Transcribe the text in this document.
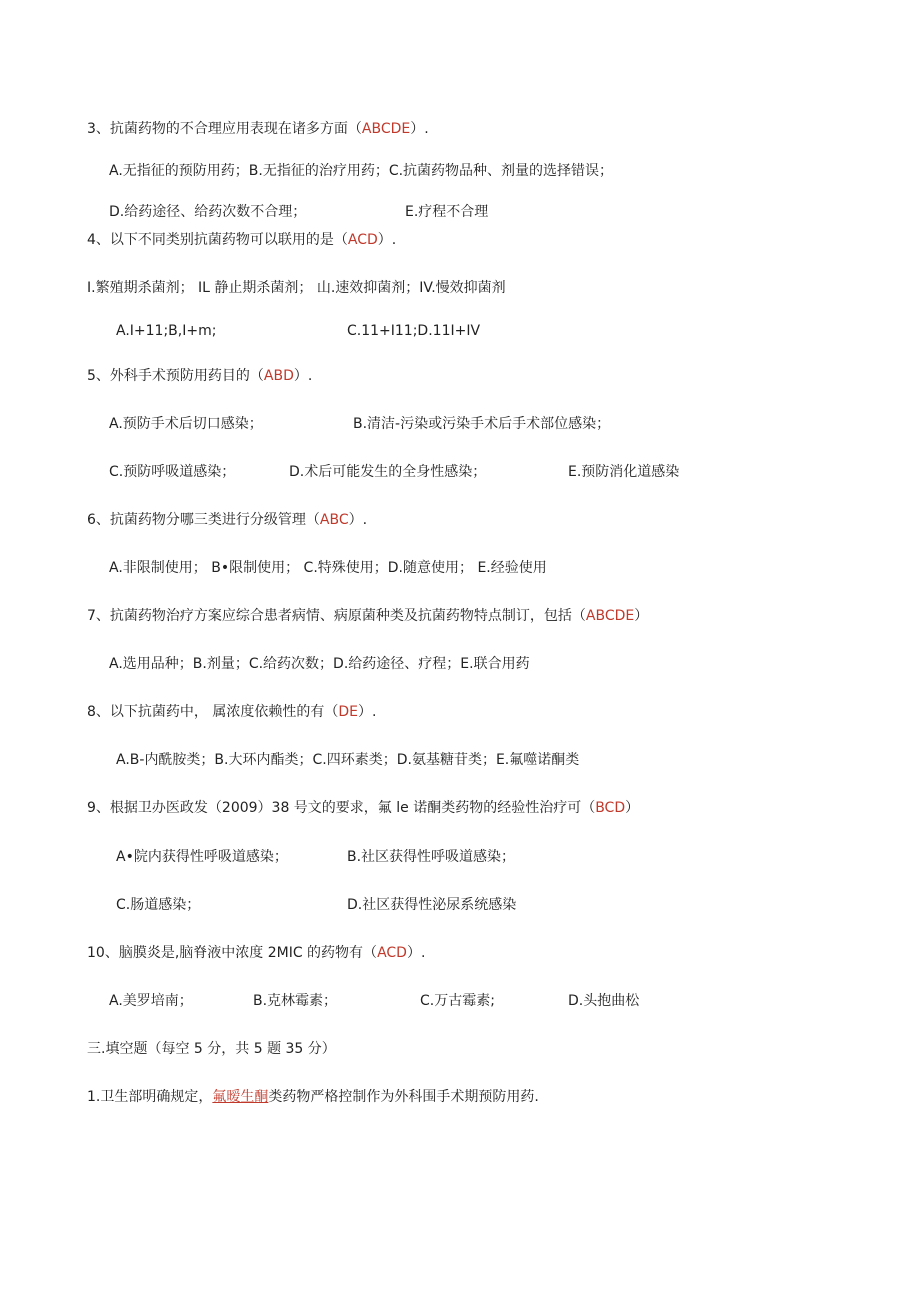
3、抗菌药物的不合理应用表现在诸多方面（ABCDE）.
A.无指征的预防用药；B.无指征的治疗用药；C.抗菌药物品种、剂量的选择错误；
D.给药途径、给药次数不合理；	E.疗程不合理
4、以下不同类别抗菌药物可以联用的是（ACD）.
I.繁殖期杀菌剂； IL 静止期杀菌剂； 山.速效抑菌剂；IV.慢效抑菌剂
A.I+11;B,I+m;	C.11+I11;D.11I+IV
5、外科手术预防用药目的（ABD）.
A.预防手术后切口感染；	B.清洁-污染或污染手术后手术部位感染；
C.预防呼吸道感染；	D.术后可能发生的全身性感染；	E.预防消化道感染
6、抗菌药物分哪三类进行分级管理（ABC）.
A.非限制使用； B•限制使用； C.特殊使用；D.随意使用； E.经验使用
7、抗菌药物治疗方案应综合患者病情、病原菌种类及抗菌药物特点制订，包括（ABCDE）
A.选用品种；B.剂量；C.给药次数；D.给药途径、疗程；E.联合用药
8、以下抗菌药中， 属浓度依赖性的有（DE）.
A.B-内酰胺类；B.大环内酯类；C.四环素类；D.氨基糖苷类；E.氟噬诺酮类
9、根据卫办医政发（2009）38 号文的要求，氟 le 诺酮类药物的经验性治疗可（BCD）
A•院内获得性呼吸道感染；	B.社区获得性呼吸道感染；
C.肠道感染；	D.社区获得性泌尿系统感染
10、脑膜炎是,脑脊液中浓度 2MIC 的药物有（ACD）.
A.美罗培南；	B.克林霉素；	C.万古霉素;	D.头抱曲松
三.填空题（每空 5 分，共 5 题 35 分）
1.卫生部明确规定，氟暧生酮类药物严格控制作为外科围手术期预防用药.
